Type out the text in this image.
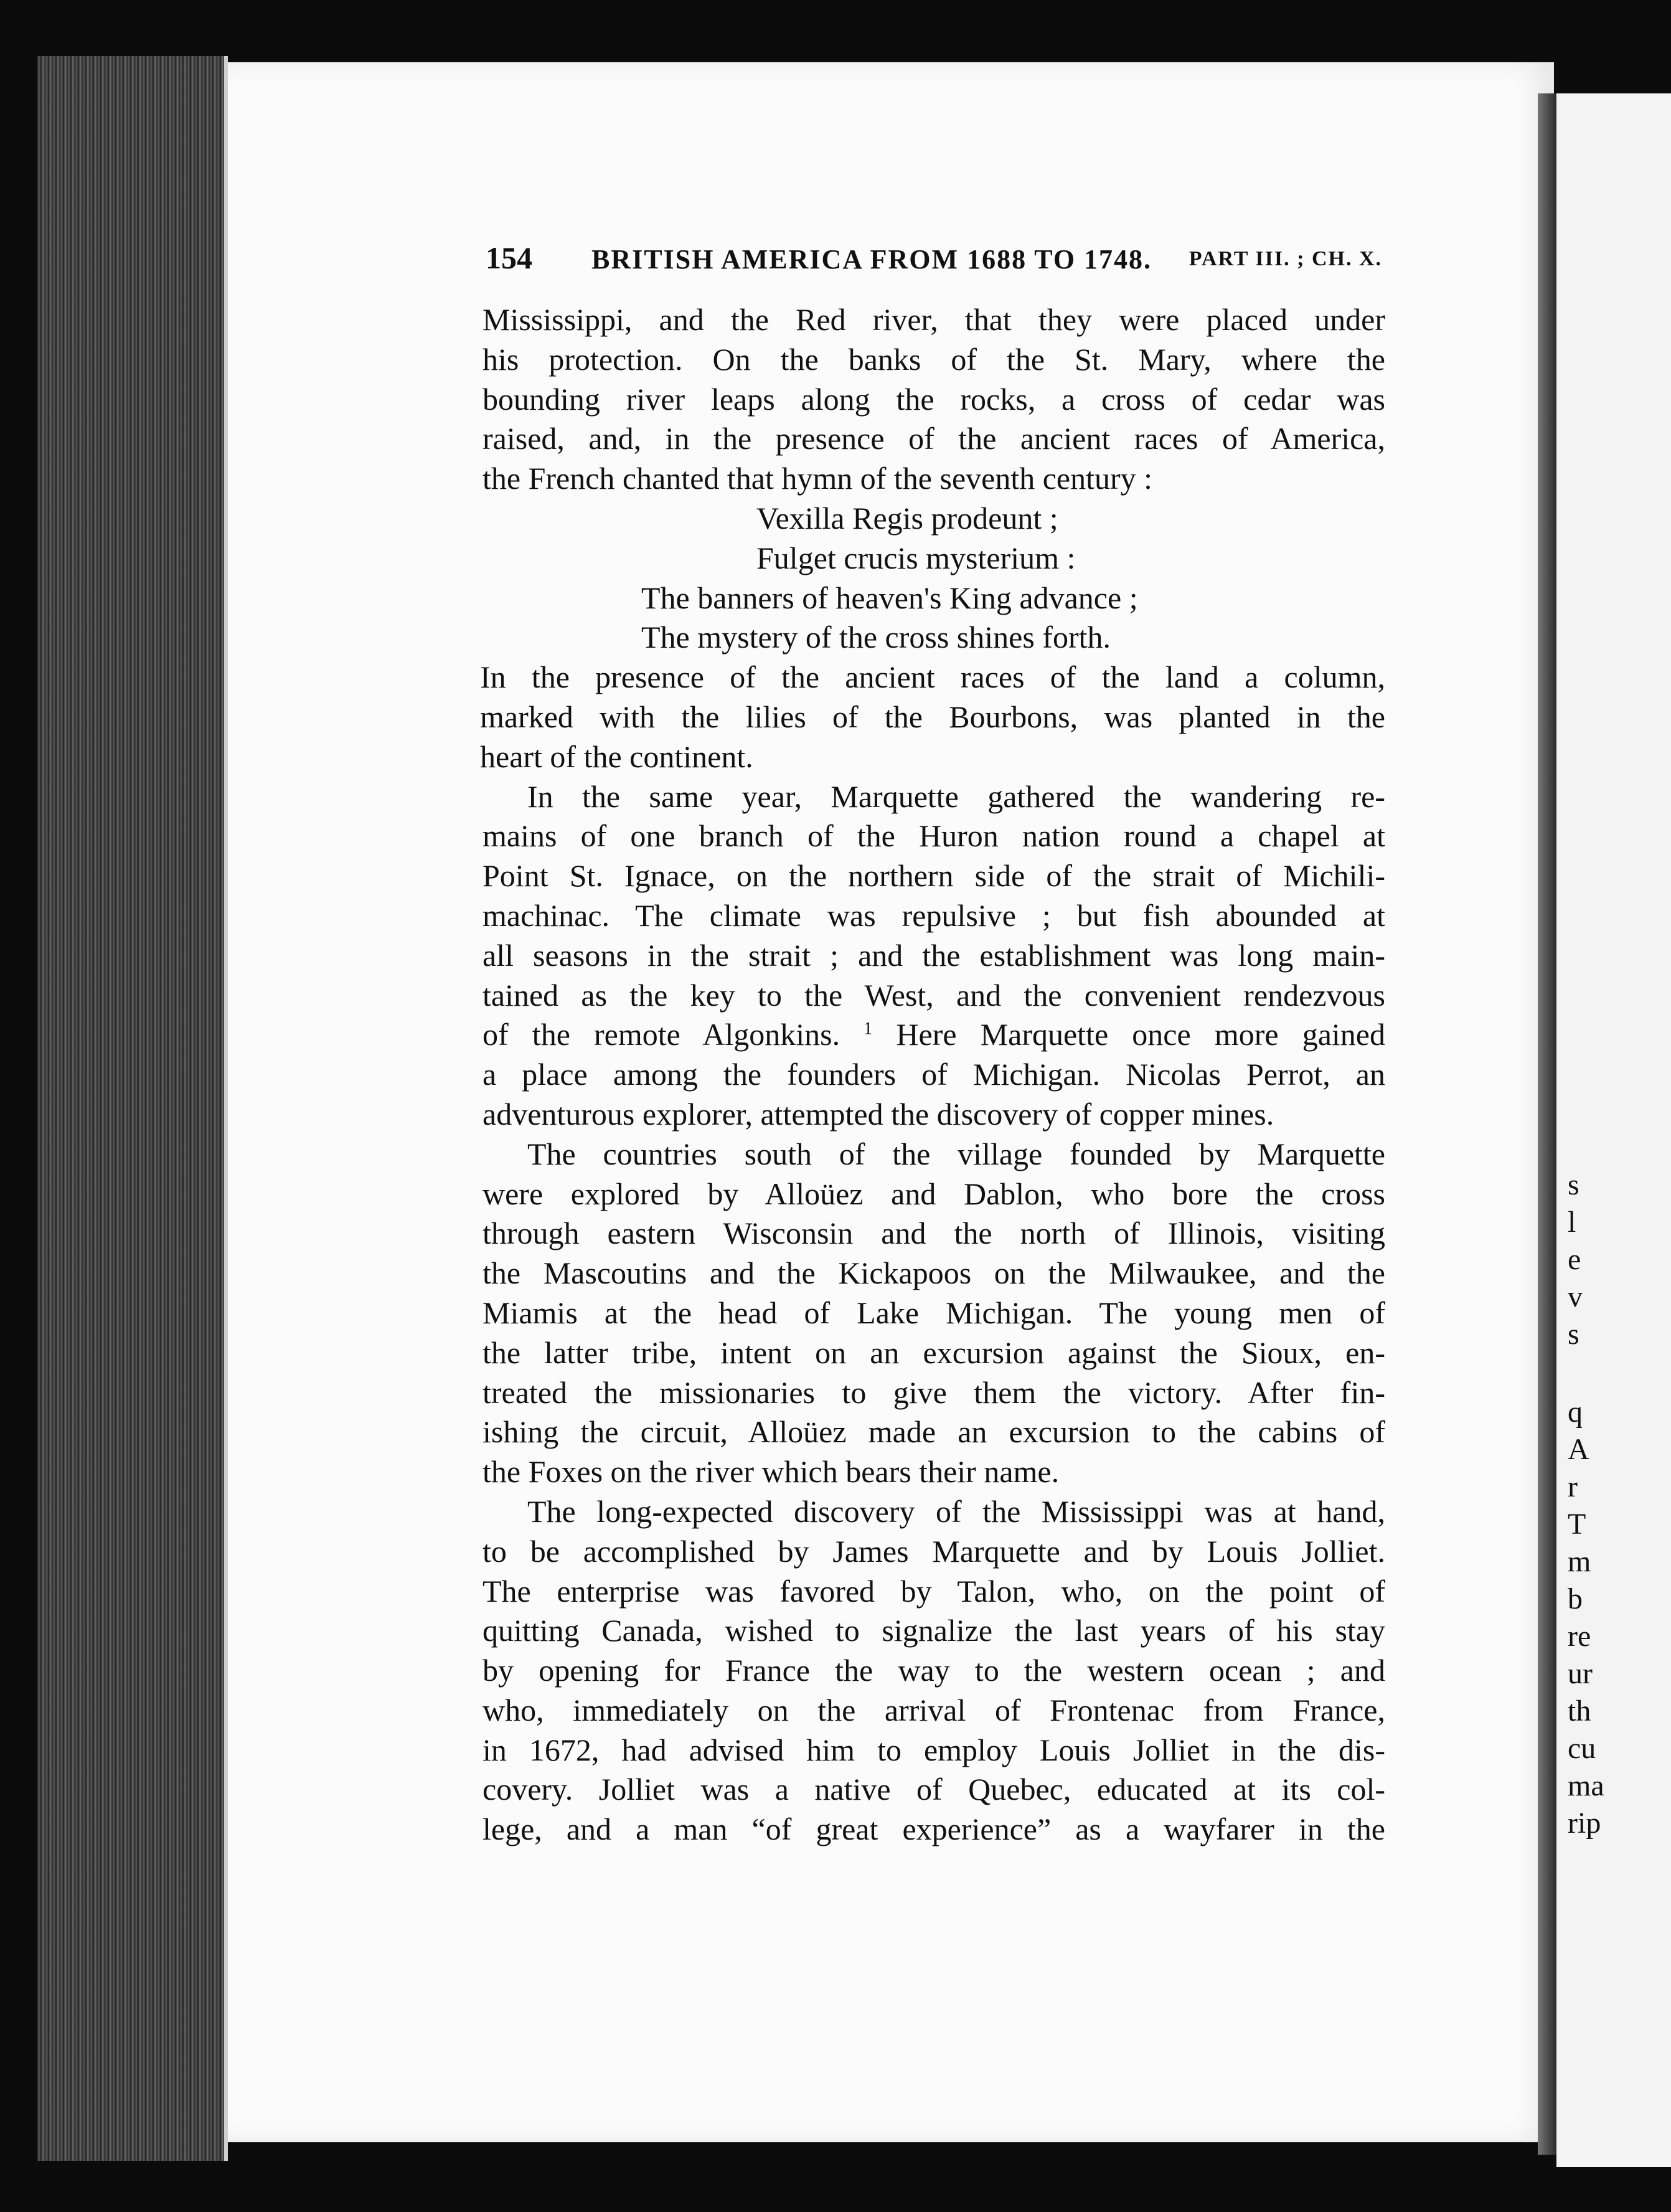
s
l
e
v
s
q
A
r
T
m
b
re
ur
th
cu
ma
rip
154 BRITISH AMERICA FROM 1688 TO 1748. PART III. ; CH. X.
Mississippi, and the Red river, that they were placed under
his protection. On the banks of the St. Mary, where the
bounding river leaps along the rocks, a cross of cedar was
raised, and, in the presence of the ancient races of America,
the French chanted that hymn of the seventh century :
Vexilla Regis prodeunt ;
Fulget crucis mysterium :
The banners of heaven's King advance ;
The mystery of the cross shines forth.
In the presence of the ancient races of the land a column,
marked with the lilies of the Bourbons, was planted in the
heart of the continent.
In the same year, Marquette gathered the wandering re-
mains of one branch of the Huron nation round a chapel at
Point St. Ignace, on the northern side of the strait of Michili-
machinac. The climate was repulsive ; but fish abounded at
all seasons in the strait ; and the establishment was long main-
tained as the key to the West, and the convenient rendezvous
of the remote Algonkins. $^1$ Here Marquette once more gained
a place among the founders of Michigan. Nicolas Perrot, an
adventurous explorer, attempted the discovery of copper mines.
The countries south of the village founded by Marquette
were explored by Alloüez and Dablon, who bore the cross
through eastern Wisconsin and the north of Illinois, visiting
the Mascoutins and the Kickapoos on the Milwaukee, and the
Miamis at the head of Lake Michigan. The young men of
the latter tribe, intent on an excursion against the Sioux, en-
treated the missionaries to give them the victory. After fin-
ishing the circuit, Alloüez made an excursion to the cabins of
the Foxes on the river which bears their name.
The long-expected discovery of the Mississippi was at hand,
to be accomplished by James Marquette and by Louis Jolliet.
The enterprise was favored by Talon, who, on the point of
quitting Canada, wished to signalize the last years of his stay
by opening for France the way to the western ocean ; and
who, immediately on the arrival of Frontenac from France,
in 1672, had advised him to employ Louis Jolliet in the dis-
covery. Jolliet was a native of Quebec, educated at its col-
lege, and a man “of great experience” as a wayfarer in the
